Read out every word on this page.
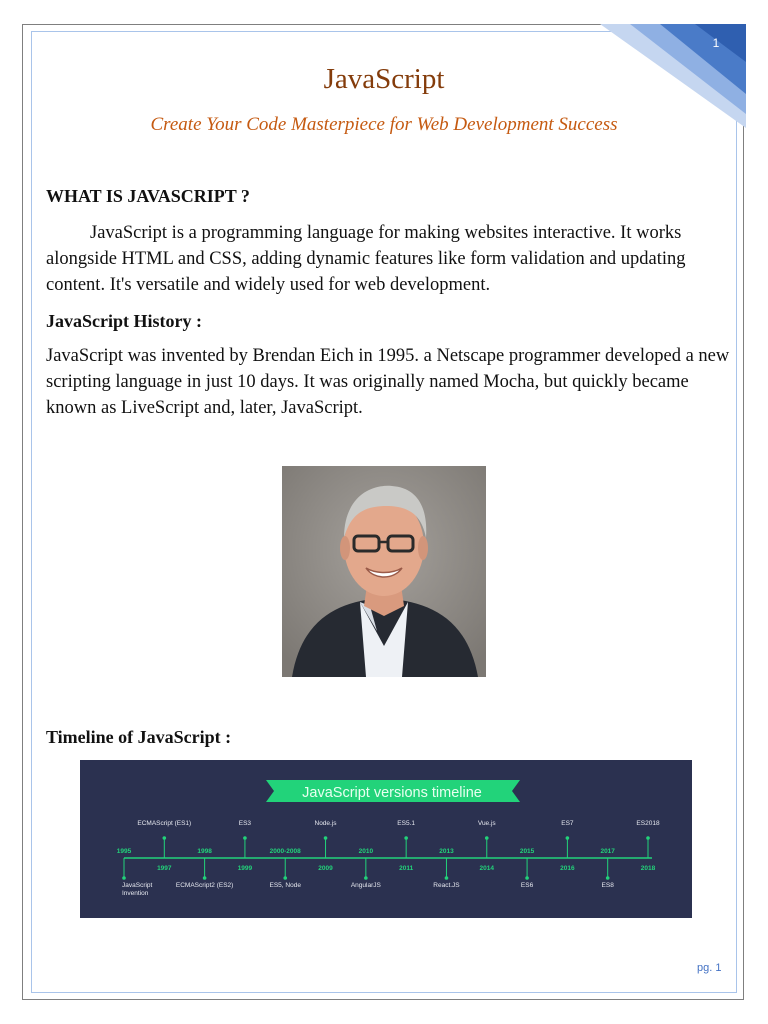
1
JavaScript
Create Your Code Masterpiece for Web Development Success
WHAT IS JAVASCRIPT ?
JavaScript is a programming language for making websites interactive. It works alongside HTML and CSS, adding dynamic features like form validation and updating content. It's versatile and widely used for web development.
JavaScript History :
JavaScript was invented by Brendan Eich in 1995. a Netscape programmer developed a new scripting language in just 10 days. It was originally named Mocha, but quickly became known as LiveScript and, later, JavaScript.
Timeline of JavaScript :
JavaScript versions timeline
1995
JavaScript
Invention
1997
ECMAScript (ES1)
1998
ECMAScript2 (ES2)
1999
ES3
2000-2008
ES5, Node
2009
Node.js
2010
AngularJS
2011
ES5.1
2013
React.JS
2014
Vue.js
2015
ES6
2016
ES7
2017
ES8
2018
ES2018
pg. 1
